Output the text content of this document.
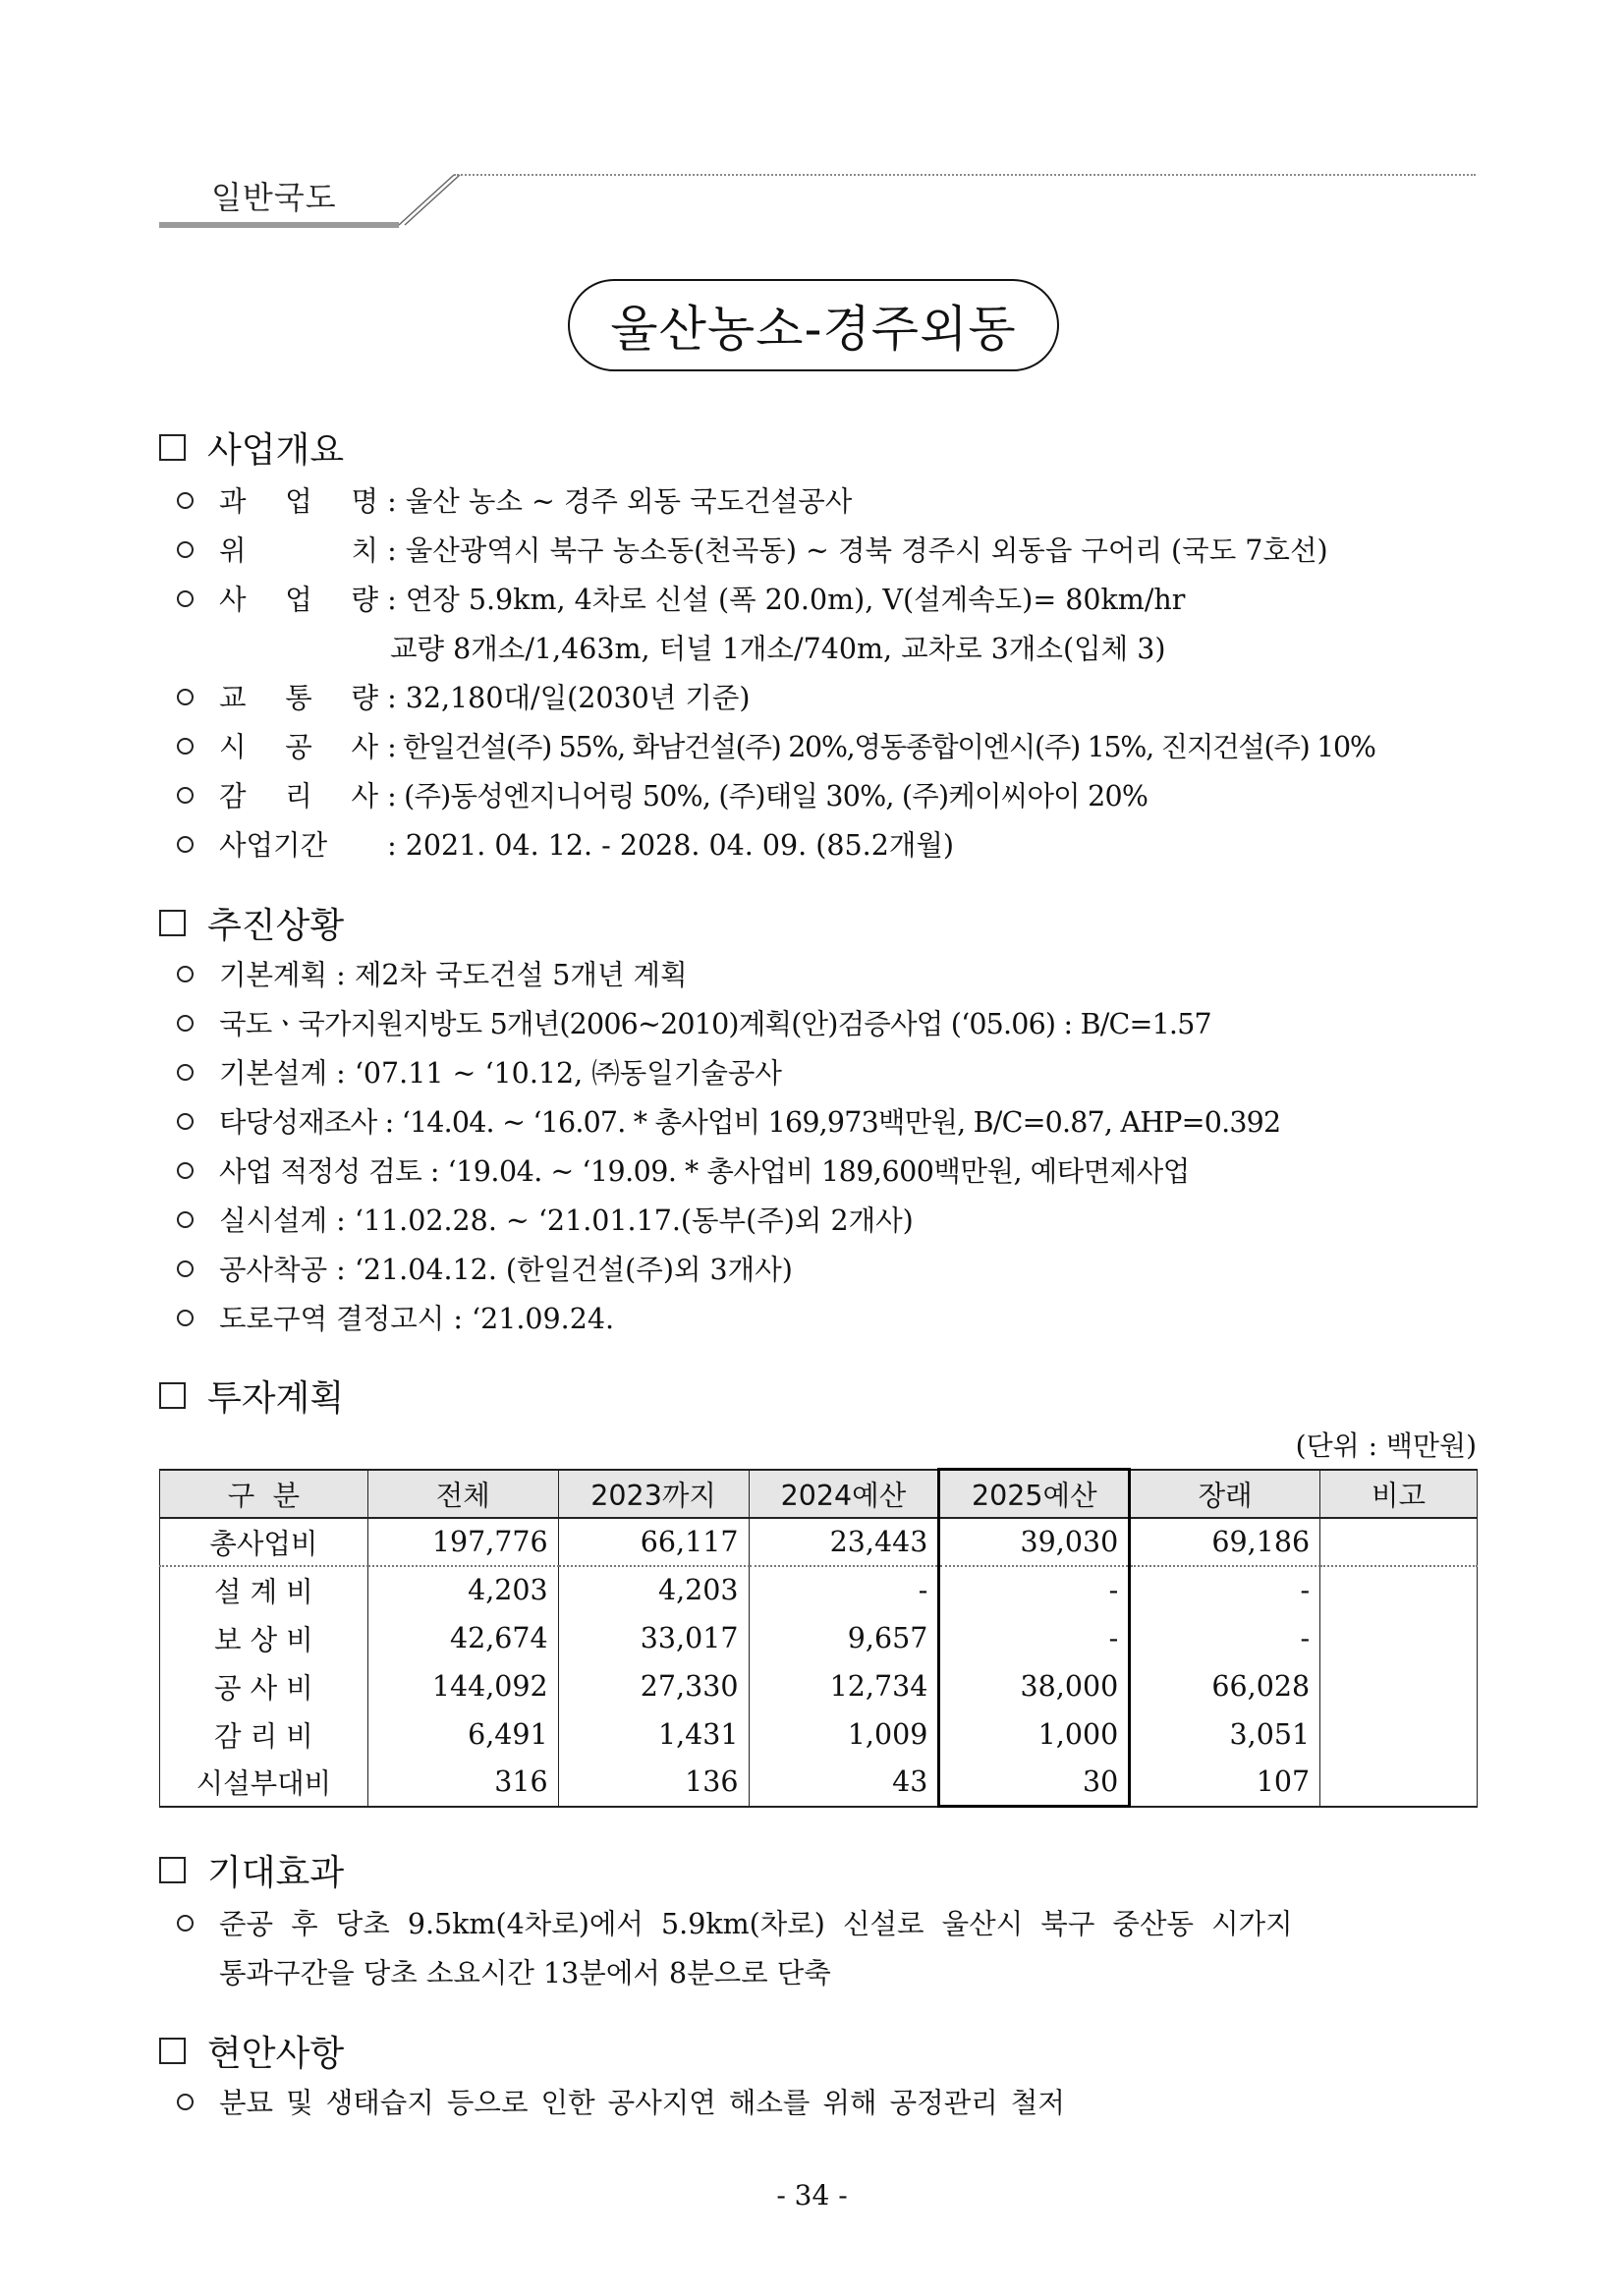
일반국도
울산농소-경주외동
사업개요
과 업 명 : 울산 농소 ~ 경주 외동 국도건설공사
위	치 : 울산광역시 북구 농소동(천곡동) ~ 경북 경주시 외동읍 구어리 (국도 7호선)
사 업 량 : 연장 5.9km, 4차로 신설 (폭 20.0m), V(설계속도)= 80km/hr
교량 8개소/1,463m, 터널 1개소/740m, 교차로 3개소(입체 3)
교 통 량 : 32,180대/일(2030년 기준)
시 공 사 : 한일건설(주) 55%, 화남건설(주) 20%,영동종합이엔시(주) 15%, 진지건설(주) 10%
감 리 사 : (주)동성엔지니어링 50%, (주)태일 30%, (주)케이씨아이 20%
사업기간 : 2021. 04. 12. - 2028. 04. 09. (85.2개월)
추진상황
기본계획 : 제2차 국도건설 5개년 계획
국도ㆍ국가지원지방도 5개년(2006~2010)계획(안)검증사업 (‘05.06) : B/C=1.57
기본설계 : ‘07.11 ~ ‘10.12, ㈜동일기술공사
타당성재조사 : ‘14.04. ~ ‘16.07. * 총사업비 169,973백만원, B/C=0.87, AHP=0.392
사업 적정성 검토 : ‘19.04. ~ ‘19.09. * 총사업비 189,600백만원, 예타면제사업
실시설계 : ‘11.02.28. ~ ‘21.01.17.(동부(주)외 2개사)
공사착공 : ‘21.04.12. (한일건설(주)외 3개사)
도로구역 결정고시 : ‘21.09.24.
투자계획
(단위 : 백만원)
구  분	전체	2023까지	2024예산	2025예산	장래	비고
총사업비	197,776	66,117	23,443	39,030	69,186	
설 계 비	4,203	4,203	-	-	-	
보 상 비	42,674	33,017	9,657	-	-	
공 사 비	144,092	27,330	12,734	38,000	66,028	
감 리 비	6,491	1,431	1,009	1,000	3,051	
시설부대비	316	136	43	30	107	
기대효과
준공 후 당초 9.5km(4차로)에서 5.9km(차로) 신설로 울산시 북구 중산동 시가지
통과구간을 당초 소요시간 13분에서 8분으로 단축
현안사항
분묘 및 생태습지 등으로 인한 공사지연 해소를 위해 공정관리 철저
- 34 -
